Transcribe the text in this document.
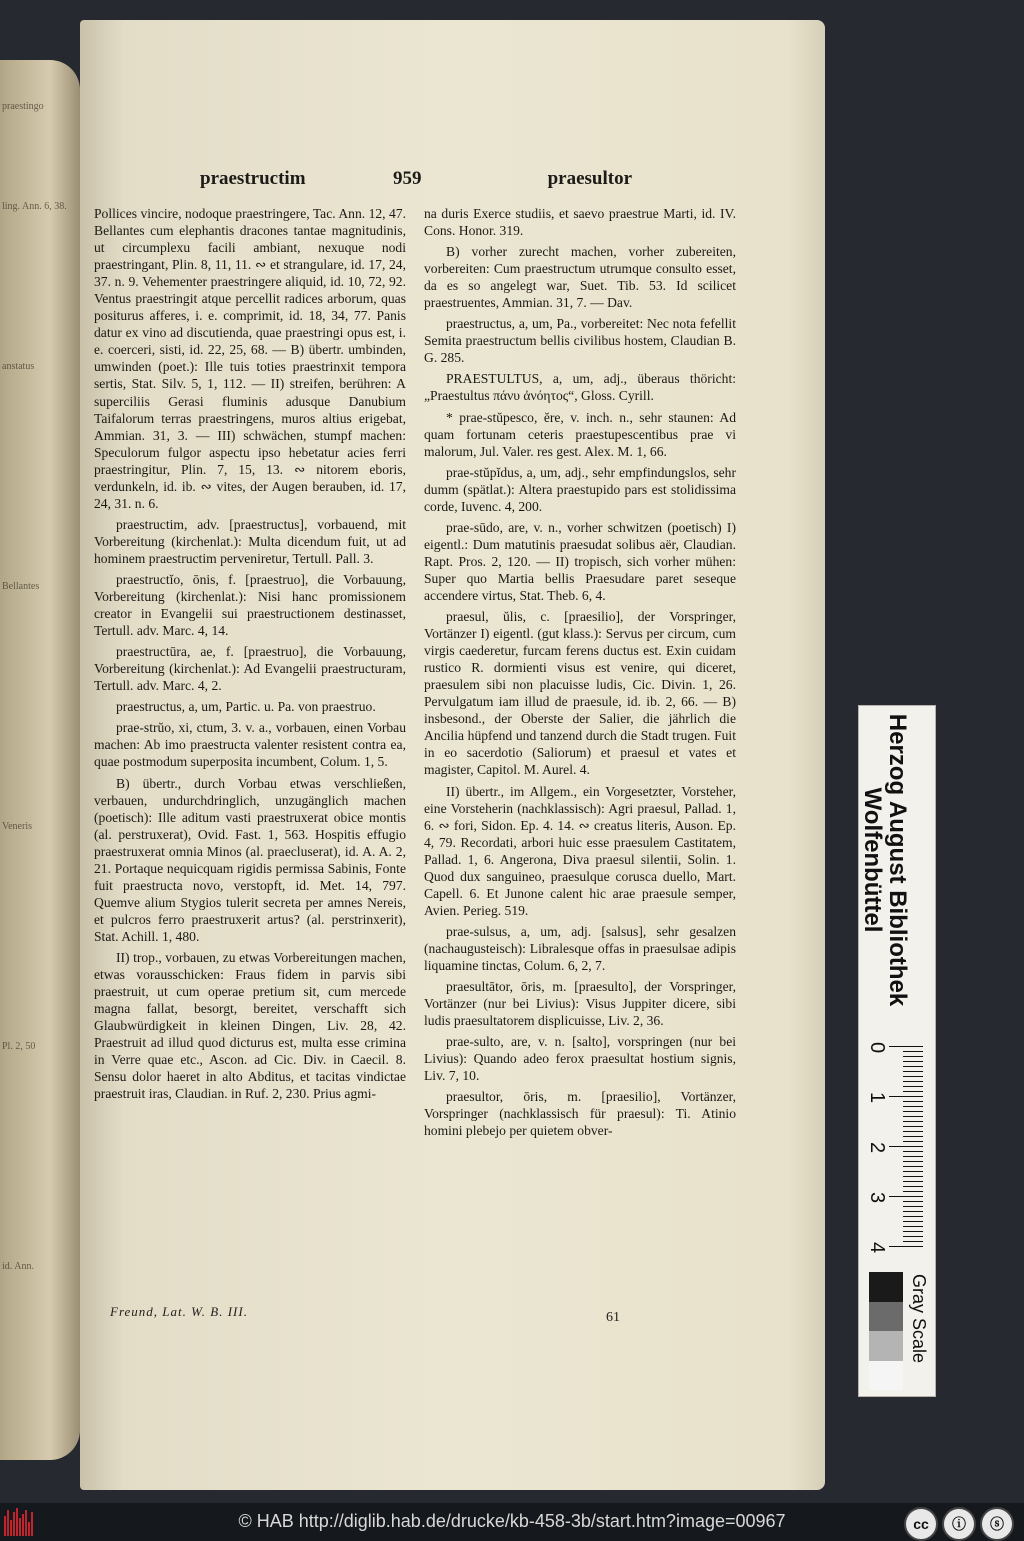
praestingo
ling. Ann. 6, 38.
anstatus
Bellantes
Veneris
Pl. 2, 50
id. Ann.
praestructim	959	praesultor

Pollices vincire, nodoque praestringere, Tac. Ann. 12, 47. Bellantes cum elephantis dracones tantae magnitudinis, ut circumplexu facili ambiant, nexuque nodi praestringant, Plin. 8, 11, 11. ∾ et strangulare, id. 17, 24, 37. n. 9. Vehementer praestringere aliquid, id. 10, 72, 92. Ventus praestringit atque percellit radices arborum, quas positurus afferes, i. e. comprimit, id. 18, 34, 77. Panis datur ex vino ad discutienda, quae praestringi opus est, i. e. coerceri, sisti, id. 22, 25, 68. — B) übertr. umbinden, umwinden (poet.): Ille tuis toties praestrinxit tempora sertis, Stat. Silv. 5, 1, 112. — II) streifen, berühren: A superciliis Gerasi fluminis adusque Danubium Taifalorum terras praestringens, muros altius erigebat, Ammian. 31, 3. — III) schwächen, stumpf machen: Speculorum fulgor aspectu ipso hebetatur acies ferri praestringitur, Plin. 7, 15, 13. ∾ nitorem eboris, verdunkeln, id. ib. ∾ vites, der Augen berauben, id. 17, 24, 31. n. 6.

praestructim, adv. [praestructus], vorbauend, mit Vorbereitung (kirchenlat.): Multa dicendum fuit, ut ad hominem praestructim perveniretur, Tertull. Pall. 3.

praestructĭo, ōnis, f. [praestruo], die Vorbauung, Vorbereitung (kirchenlat.): Nisi hanc promissionem creator in Evangelii sui praestructionem destinasset, Tertull. adv. Marc. 4, 14.

praestructūra, ae, f. [praestruo], die Vorbauung, Vorbereitung (kirchenlat.): Ad Evangelii praestructuram, Tertull. adv. Marc. 4, 2.

praestructus, a, um, Partic. u. Pa. von praestruo.

prae-strŭo, xi, ctum, 3. v. a., vorbauen, einen Vorbau machen: Ab imo praestructa valenter resistent contra ea, quae postmodum superposita incumbent, Colum. 1, 5.

B) übertr., durch Vorbau etwas verschließen, verbauen, undurchdringlich, unzugänglich machen (poetisch): Ille aditum vasti praestruxerat obice montis (al. perstruxerat), Ovid. Fast. 1, 563. Hospitis effugio praestruxerat omnia Minos (al. praecluserat), id. A. A. 2, 21. Portaque nequicquam rigidis permissa Sabinis, Fonte fuit praestructa novo, verstopft, id. Met. 14, 797. Quemve alium Stygios tulerit secreta per amnes Nereis, et pulcros ferro praestruxerit artus? (al. perstrinxerit), Stat. Achill. 1, 480.

II) trop., vorbauen, zu etwas Vorbereitungen machen, etwas vorausschicken: Fraus fidem in parvis sibi praestruit, ut cum operae pretium sit, cum mercede magna fallat, besorgt, bereitet, verschafft sich Glaubwürdigkeit in kleinen Dingen, Liv. 28, 42. Praestruit ad illud quod dicturus est, multa esse crimina in Verre quae etc., Ascon. ad Cic. Div. in Caecil. 8. Sensu dolor haeret in alto Abditus, et tacitas vindictae praestruit iras, Claudian. in Ruf. 2, 230. Prius agmi-

na duris Exerce studiis, et saevo praestrue Marti, id. IV. Cons. Honor. 319.

B) vorher zurecht machen, vorher zubereiten, vorbereiten: Cum praestructum utrumque consulto esset, da es so angelegt war, Suet. Tib. 53. Id scilicet praestruentes, Ammian. 31, 7. — Dav.

praestructus, a, um, Pa., vorbereitet: Nec nota fefellit Semita praestructum bellis civilibus hostem, Claudian B. G. 285.

PRAESTULTUS, a, um, adj., überaus thöricht: „Praestultus πάνυ ἀνόητος“, Gloss. Cyrill.

* prae-stŭpesco, ĕre, v. inch. n., sehr staunen: Ad quam fortunam ceteris praestupescentibus prae vi malorum, Jul. Valer. res gest. Alex. M. 1, 66.

prae-stŭpĭdus, a, um, adj., sehr empfindungslos, sehr dumm (spätlat.): Altera praestupido pars est stolidissima corde, Iuvenc. 4, 200.

prae-sūdo, are, v. n., vorher schwitzen (poetisch) I) eigentl.: Dum matutinis praesudat solibus aër, Claudian. Rapt. Pros. 2, 120. — II) tropisch, sich vorher mühen: Super quo Martia bellis Praesudare paret seseque accendere virtus, Stat. Theb. 6, 4.

praesul, ŭlis, c. [praesilio], der Vorspringer, Vortänzer I) eigentl. (gut klass.): Servus per circum, cum virgis caederetur, furcam ferens ductus est. Exin cuidam rustico R. dormienti visus est venire, qui diceret, praesulem sibi non placuisse ludis, Cic. Divin. 1, 26. Pervulgatum iam illud de praesule, id. ib. 2, 66. — B) insbesond., der Oberste der Salier, die jährlich die Ancilia hüpfend und tanzend durch die Stadt trugen. Fuit in eo sacerdotio (Saliorum) et praesul et vates et magister, Capitol. M. Aurel. 4.

II) übertr., im Allgem., ein Vorgesetzter, Vorsteher, eine Vorsteherin (nachklassisch): Agri praesul, Pallad. 1, 6. ∾ fori, Sidon. Ep. 4. 14. ∾ creatus literis, Auson. Ep. 4, 79. Recordati, arbori huic esse praesulem Castitatem, Pallad. 1, 6. Angerona, Diva praesul silentii, Solin. 1. Quod dux sanguineo, praesulque corusca duello, Mart. Capell. 6. Et Junone calent hic arae praesule semper, Avien. Perieg. 519.

prae-sulsus, a, um, adj. [salsus], sehr gesalzen (nachaugusteisch): Libralesque offas in praesulsae adipis liquamine tinctas, Colum. 6, 2, 7.

praesultātor, ōris, m. [praesulto], der Vorspringer, Vortänzer (nur bei Livius): Visus Juppiter dicere, sibi ludis praesultatorem displicuisse, Liv. 2, 36.

prae-sulto, are, v. n. [salto], vorspringen (nur bei Livius): Quando adeo ferox praesultat hostium signis, Liv. 7, 10.

praesultor, ōris, m. [praesilio], Vortänzer, Vorspringer (nachklassisch für praesul): Ti. Atinio homini plebejo per quietem obver-

Freund, Lat. W. B. III.	61
Herzog August Bibliothek
Wolfenbüttel
0
1
2
3
4
Gray Scale
© HAB http://diglib.hab.de/drucke/kb-458-3b/start.htm?image=00967	cc	ⓘ	ⓢ
